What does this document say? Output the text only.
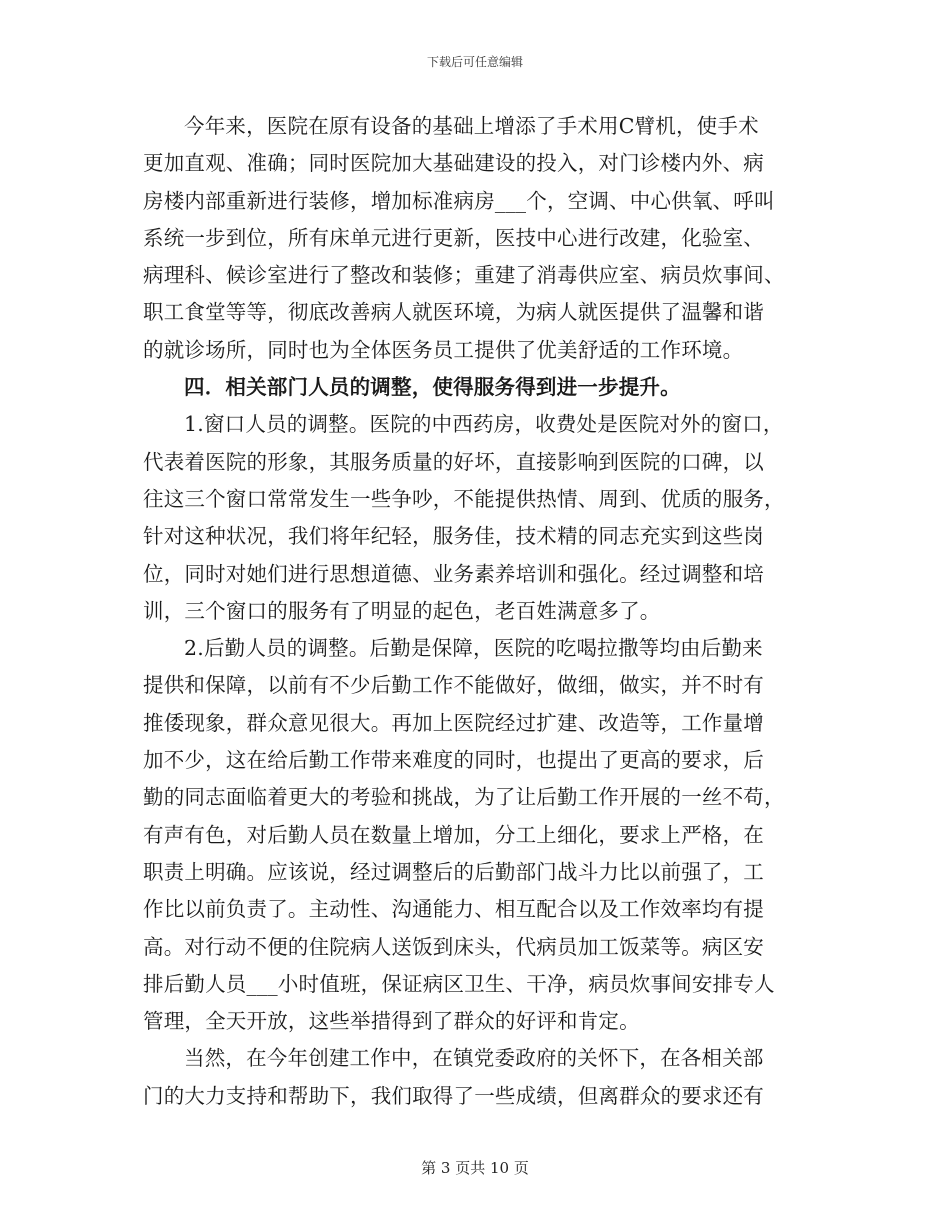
下载后可任意编辑
今年来，医院在原有设备的基础上增添了手术用C臂机，使手术
更加直观、准确；同时医院加大基础建设的投入，对门诊楼内外、病
房楼内部重新进行装修，增加标准病房___个，空调、中心供氧、呼叫
系统一步到位，所有床单元进行更新，医技中心进行改建，化验室、
病理科、候诊室进行了整改和装修；重建了消毒供应室、病员炊事间、
职工食堂等等，彻底改善病人就医环境，为病人就医提供了温馨和谐
的就诊场所，同时也为全体医务员工提供了优美舒适的工作环境。
四．相关部门人员的调整，使得服务得到进一步提升。
1.窗口人员的调整。医院的中西药房，收费处是医院对外的窗口，
代表着医院的形象，其服务质量的好坏，直接影响到医院的口碑，以
往这三个窗口常常发生一些争吵，不能提供热情、周到、优质的服务，
针对这种状况，我们将年纪轻，服务佳，技术精的同志充实到这些岗
位，同时对她们进行思想道德、业务素养培训和强化。经过调整和培
训，三个窗口的服务有了明显的起色，老百姓满意多了。
2.后勤人员的调整。后勤是保障，医院的吃喝拉撒等均由后勤来
提供和保障，以前有不少后勤工作不能做好，做细，做实，并不时有
推倭现象，群众意见很大。再加上医院经过扩建、改造等，工作量增
加不少，这在给后勤工作带来难度的同时，也提出了更高的要求，后
勤的同志面临着更大的考验和挑战，为了让后勤工作开展的一丝不苟，
有声有色，对后勤人员在数量上增加，分工上细化，要求上严格，在
职责上明确。应该说，经过调整后的后勤部门战斗力比以前强了，工
作比以前负责了。主动性、沟通能力、相互配合以及工作效率均有提
高。对行动不便的住院病人送饭到床头，代病员加工饭菜等。病区安
排后勤人员___小时值班，保证病区卫生、干净，病员炊事间安排专人
管理，全天开放，这些举措得到了群众的好评和肯定。
当然，在今年创建工作中，在镇党委政府的关怀下，在各相关部
门的大力支持和帮助下，我们取得了一些成绩，但离群众的要求还有
第 3 页共 10 页
